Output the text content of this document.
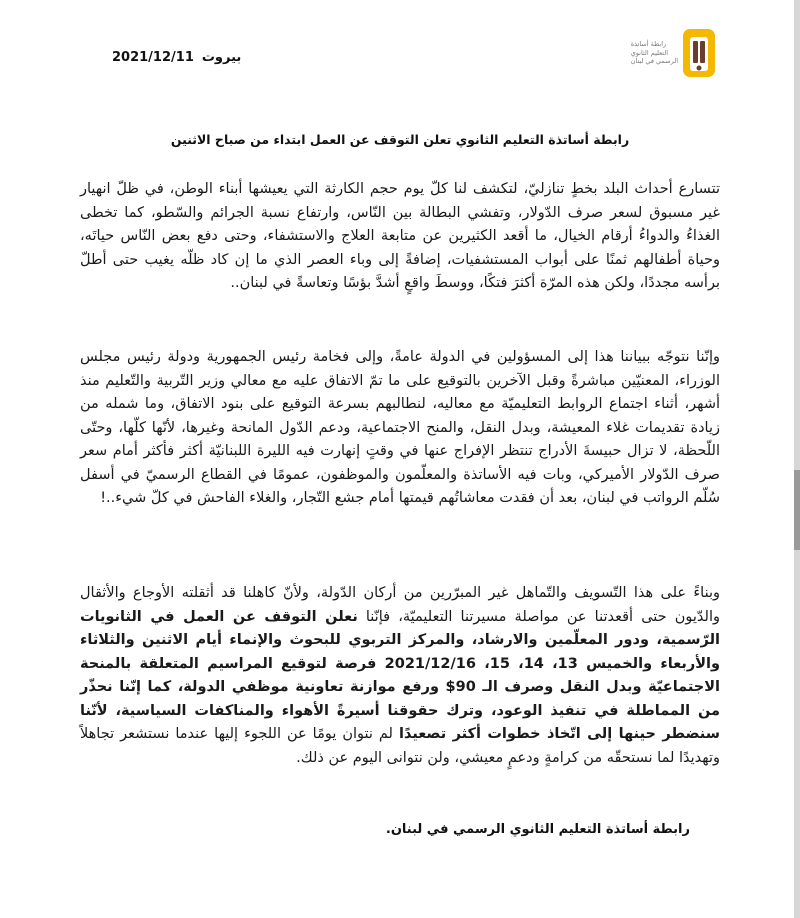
رابطة أساتذة
التعليم الثانوي
الرسمي في لبنان
2021/12/11 بيروت
رابطة أساتذة التعليم الثانوي تعلن التوقف عن العمل ابتداء من صباح الاثنين

تتسارع أحداث البلد بخطٍ تنازليّ، لتكشف لنا كلّ يوم حجم الكارثة التي يعيشها أبناء الوطن، في ظلّ انهيار غير مسبوق لسعر صرف الدّولار، وتفشي البطالة بين النّاس، وارتفاع نسبة الجرائم والسّطو، كما تخطى الغذاءُ والدواءُ أرقام الخيال، ما أقعد الكثيرين عن متابعة العلاج والاستشفاء، وحتى دفع بعض النّاس حياتَه، وحياة أطفالهم ثمنًا على أبواب المستشفيات، إضافةً إلى وباء العصر الذي ما إن كاد ظلّه يغيب حتى أطلّ برأسه مجددًا، ولكن هذه المرّة أكثرَ فتكًا، ووسطَ واقعٍ أشدَّ بؤسًا وتعاسةً في لبنان..

وإنّنا نتوجّه ببياننا هذا إلى المسؤولين في الدولة عامةً، وإلى فخامة رئيس الجمهورية ودولة رئيس مجلس الوزراء، المعنيّين مباشرةً وقبل الآخرين بالتوقيع على ما تمّ الاتفاق عليه مع معالي وزير التّربية والتّعليم منذ أشهر، أثناء اجتماع الروابط التعليميّة مع معاليه، لنطالبهم بسرعة التوقيع على بنود الاتفاق، وما شمله من زيادة تقديمات غلاء المعيشة، وبدل النقل، والمنح الاجتماعية، ودعم الدّول المانحة وغيرها، لأنّها كلّها، وحتّى اللّحظة، لا تزال حبيسةَ الأدراج تنتظر الإفراج عنها في وقتٍ إنهارت فيه الليرة اللبنانيّة أكثر فأكثر أمام سعر صرف الدّولار الأميركي، وبات فيه الأساتذة والمعلّمون والموظفون، عمومًا في القطاع الرسميّ في أسفل سُلّم الرواتب في لبنان، بعد أن فقدت معاشاتُهم قيمتها أمام جشع التّجار، والغلاء الفاحش في كلّ شيء..!

وبناءً على هذا التّسويف والتّماهل غير المبرّرين من أركان الدّولة، ولأنّ كاهلنا قد أثقلته الأوجاع والأثقال والدّيون حتى أقعدتنا عن مواصلة مسيرتنا التعليميّة، فإنّنا نعلن التوقف عن العمل في الثانويات الرّسمية، ودور المعلّمين والارشاد، والمركز التربوي للبحوث والإنماء أيام الاثنين والثلاثاء والأربعاء والخميس 13، 14، 15، 2021/12/16 فرصة لتوقيع المراسيم المتعلقة بالمنحة الاجتماعيّة وبدل النقل وصرف الـ 90$ ورفع موازنة تعاونية موظفي الدولة، كما إنّنا نحذّر من المماطلة في تنفيذ الوعود، وترك حقوقنا أسيرةً الأهواء والمناكفات السياسية، لأنّنا سنضطر حينها إلى اتّخاذ خطوات أكثر تصعيدًا لم نتوان يومًا عن اللجوء إليها عندما نستشعر تجاهلاً وتهديدًا لما نستحقّه من كرامةٍ ودعمٍ معيشي، ولن نتوانى اليوم عن ذلك.

رابطة أساتذة التعليم الثانوي الرسمي في لبنان.
